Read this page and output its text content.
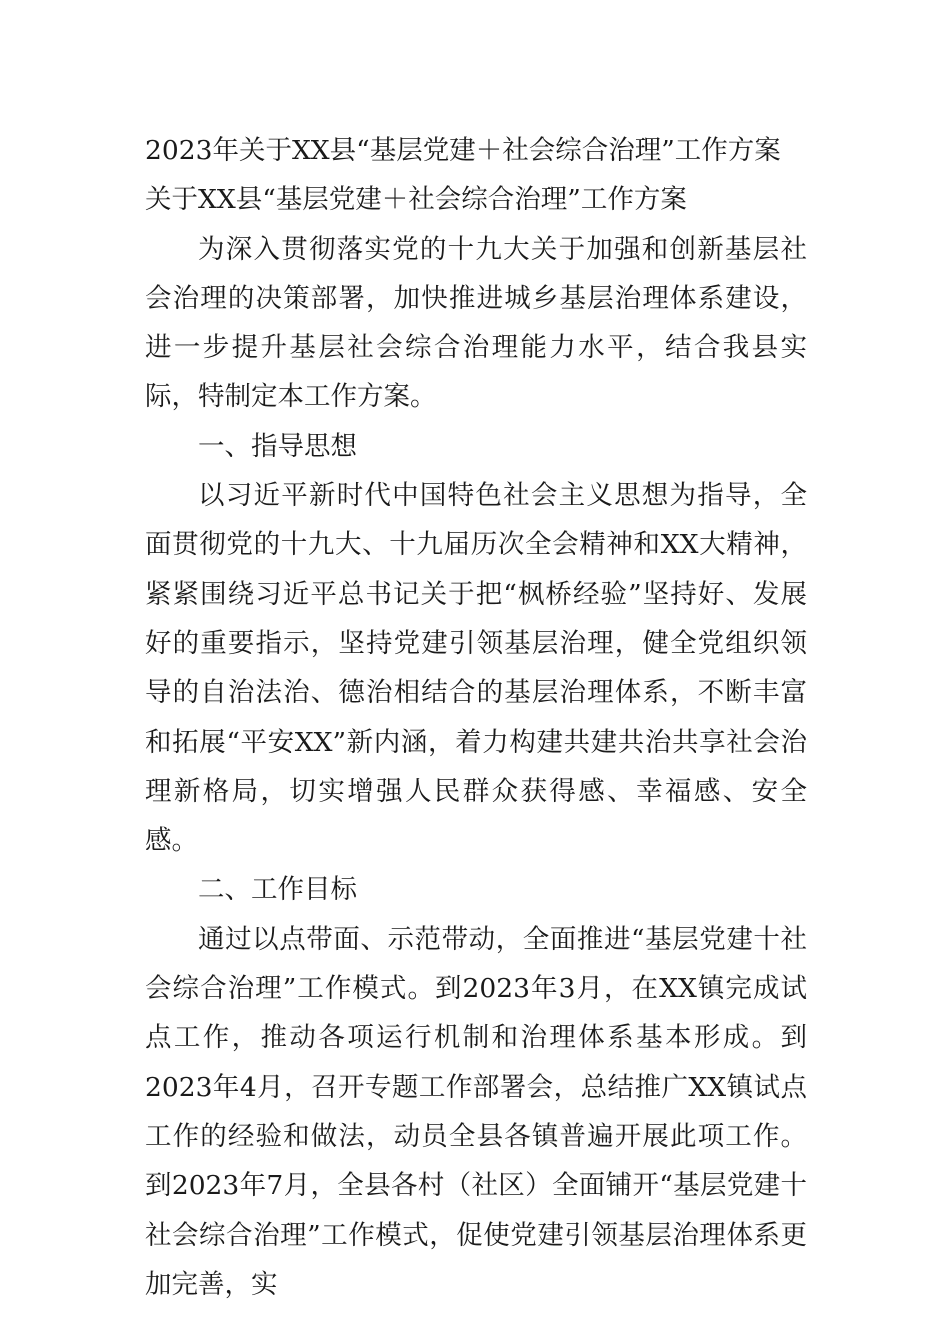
2023年关于XX县“基层党建＋社会综合治理”工作方案

关于XX县“基层党建＋社会综合治理”工作方案

为深入贯彻落实党的十九大关于加强和创新基层社会治理的决策部署，加快推进城乡基层治理体系建设，进一步提升基层社会综合治理能力水平，结合我县实际，特制定本工作方案。

一、指导思想

以习近平新时代中国特色社会主义思想为指导，全面贯彻党的十九大、十九届历次全会精神和XX大精神，紧紧围绕习近平总书记关于把“枫桥经验”坚持好、发展好的重要指示，坚持党建引领基层治理，健全党组织领导的自治法治、德治相结合的基层治理体系，不断丰富和拓展“平安XX”新内涵，着力构建共建共治共享社会治理新格局，切实增强人民群众获得感、幸福感、安全感。

二、工作目标

通过以点带面、示范带动，全面推进“基层党建十社会综合治理”工作模式。到2023年3月，在XX镇完成试点工作，推动各项运行机制和治理体系基本形成。到2023年4月，召开专题工作部署会，总结推广XX镇试点工作的经验和做法，动员全县各镇普遍开展此项工作。到2023年7月，全县各村（社区）全面铺开“基层党建十社会综合治理”工作模式，促使党建引领基层治理体系更加完善，实
